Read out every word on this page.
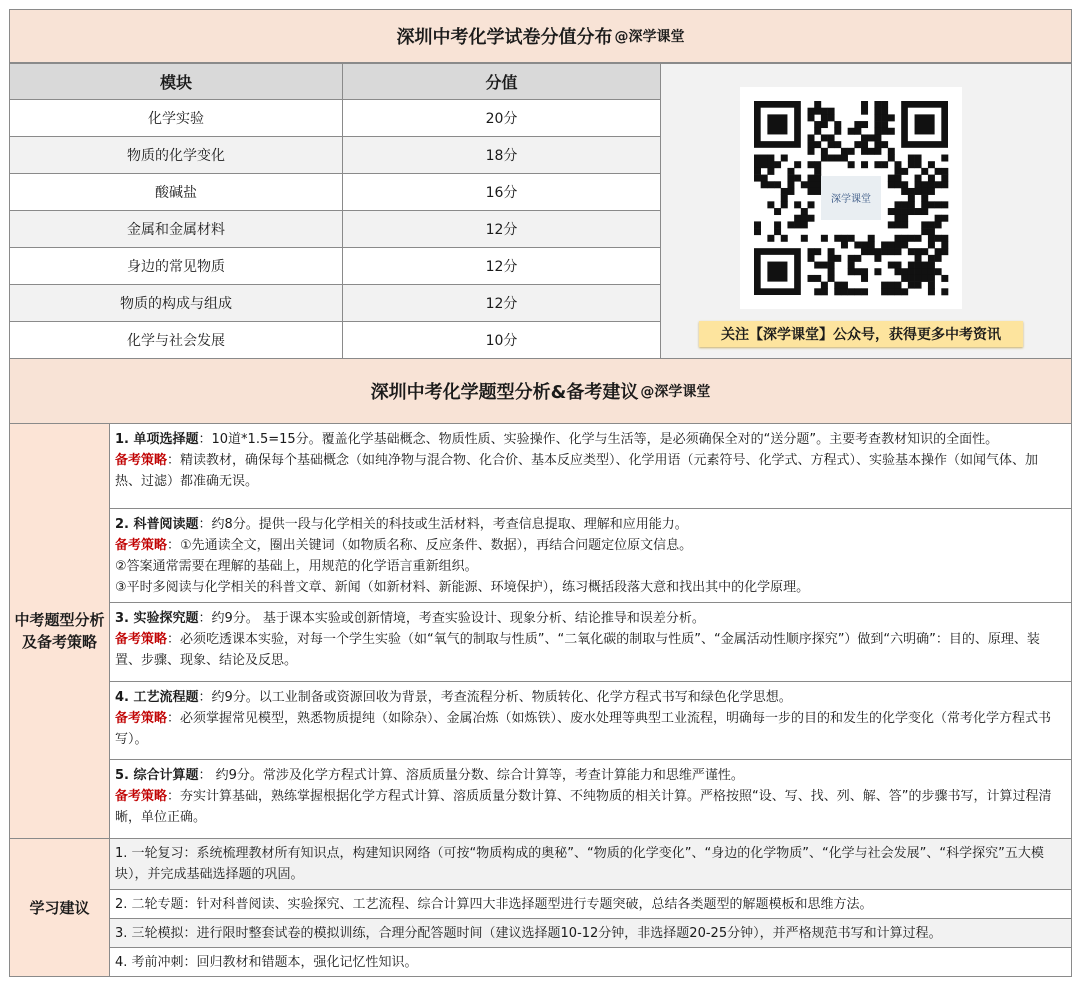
深圳中考化学试卷分值分布 @深学课堂
模块	分值
化学实验	20分
物质的化学变化	18分
酸碱盐	16分
金属和金属材料	12分
身边的常见物质	12分
物质的构成与组成	12分
化学与社会发展	10分
深学课堂
关注【深学课堂】公众号，获得更多中考资讯
深圳中考化学题型分析&备考建议 @深学课堂
中考题型分析
及备考策略

1. 单项选择题：10道*1.5=15分。覆盖化学基础概念、物质性质、实验操作、化学与生活等，是必须确保全对的“送分题”。主要考查教材知识的全面性。

备考策略：精读教材，确保每个基础概念（如纯净物与混合物、化合价、基本反应类型）、化学用语（元素符号、化学式、方程式）、实验基本操作（如闻气体、加热、过滤）都准确无误。

2. 科普阅读题：约8分。提供一段与化学相关的科技或生活材料，考查信息提取、理解和应用能力。

备考策略：①先通读全文，圈出关键词（如物质名称、反应条件、数据），再结合问题定位原文信息。

②答案通常需要在理解的基础上，用规范的化学语言重新组织。

③平时多阅读与化学相关的科普文章、新闻（如新材料、新能源、环境保护），练习概括段落大意和找出其中的化学原理。

3. 实验探究题：约9分。 基于课本实验或创新情境，考查实验设计、现象分析、结论推导和误差分析。

备考策略：必须吃透课本实验，对每一个学生实验（如“氧气的制取与性质”、“二氧化碳的制取与性质”、“金属活动性顺序探究”）做到“六明确”：目的、原理、装置、步骤、现象、结论及反思。

4. 工艺流程题：约9分。以工业制备或资源回收为背景，考查流程分析、物质转化、化学方程式书写和绿色化学思想。

备考策略：必须掌握常见模型，熟悉物质提纯（如除杂）、金属冶炼（如炼铁）、废水处理等典型工业流程，明确每一步的目的和发生的化学变化（常考化学方程式书写）。

5. 综合计算题： 约9分。常涉及化学方程式计算、溶质质量分数、综合计算等，考查计算能力和思维严谨性。

备考策略：夯实计算基础，熟练掌握根据化学方程式计算、溶质质量分数计算、不纯物质的相关计算。严格按照“设、写、找、列、解、答”的步骤书写，计算过程清晰，单位正确。

学习建议

1. 一轮复习：系统梳理教材所有知识点，构建知识网络（可按“物质构成的奥秘”、“物质的化学变化”、“身边的化学物质”、“化学与社会发展”、“科学探究”五大模块），并完成基础选择题的巩固。

2. 二轮专题：针对科普阅读、实验探究、工艺流程、综合计算四大非选择题型进行专题突破，总结各类题型的解题模板和思维方法。

3. 三轮模拟：进行限时整套试卷的模拟训练，合理分配答题时间（建议选择题10-12分钟，非选择题20-25分钟），并严格规范书写和计算过程。

4. 考前冲刺：回归教材和错题本，强化记忆性知识。
